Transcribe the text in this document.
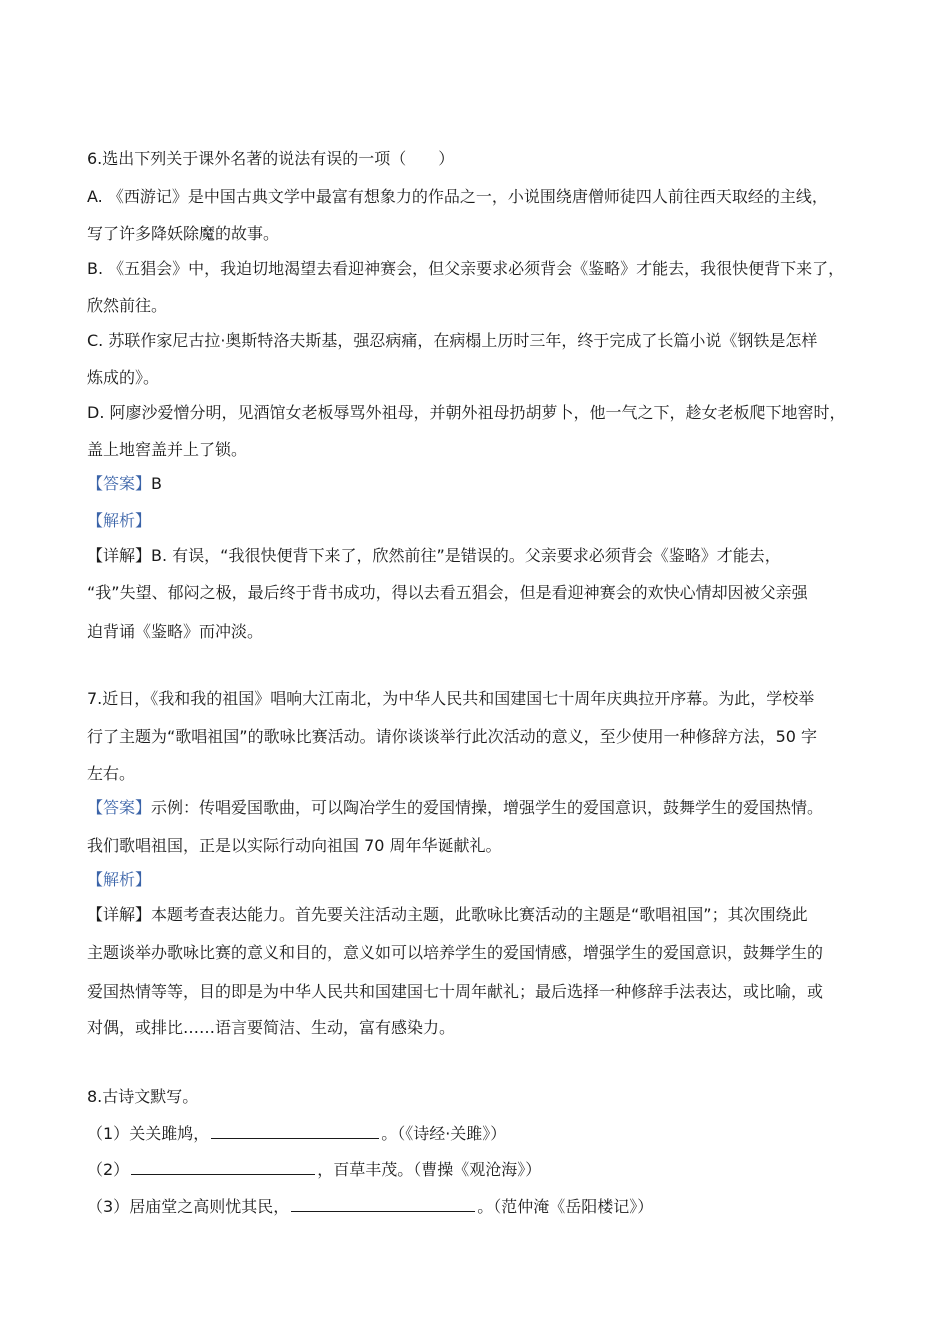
6.选出下列关于课外名著的说法有误的一项（　　）
A. 《西游记》是中国古典文学中最富有想象力的作品之一，小说围绕唐僧师徒四人前往西天取经的主线，
写了许多降妖除魔的故事。
B. 《五猖会》中，我迫切地渴望去看迎神赛会，但父亲要求必须背会《鉴略》才能去，我很快便背下来了，
欣然前往。
C. 苏联作家尼古拉·奥斯特洛夫斯基，强忍病痛，在病榻上历时三年，终于完成了长篇小说《钢铁是怎样
炼成的》。
D. 阿廖沙爱憎分明，见酒馆女老板辱骂外祖母，并朝外祖母扔胡萝卜，他一气之下，趁女老板爬下地窖时，
盖上地窖盖并上了锁。
【答案】B
【解析】
【详解】B. 有误，“我很快便背下来了，欣然前往”是错误的。父亲要求必须背会《鉴略》才能去，
“我”失望、郁闷之极，最后终于背书成功，得以去看五猖会，但是看迎神赛会的欢快心情却因被父亲强
迫背诵《鉴略》而冲淡。
7.近日，《我和我的祖国》唱响大江南北，为中华人民共和国建国七十周年庆典拉开序幕。为此，学校举
行了主题为“歌唱祖国”的歌咏比赛活动。请你谈谈举行此次活动的意义，至少使用一种修辞方法，50 字
左右。
【答案】示例：传唱爱国歌曲，可以陶冶学生的爱国情操，增强学生的爱国意识，鼓舞学生的爱国热情。
我们歌唱祖国，正是以实际行动向祖国 70 周年华诞献礼。
【解析】
【详解】本题考查表达能力。首先要关注活动主题，此歌咏比赛活动的主题是“歌唱祖国”；其次围绕此
主题谈举办歌咏比赛的意义和目的，意义如可以培养学生的爱国情感，增强学生的爱国意识，鼓舞学生的
爱国热情等等，目的即是为中华人民共和国建国七十周年献礼；最后选择一种修辞手法表达，或比喻，或
对偶，或排比……语言要简洁、生动，富有感染力。
8.古诗文默写。
（1）关关雎鸠，	。（《诗经·关雎》）
（2）	，百草丰茂。（曹操《观沧海》）
（3）居庙堂之高则忧其民，	。（范仲淹《岳阳楼记》）
